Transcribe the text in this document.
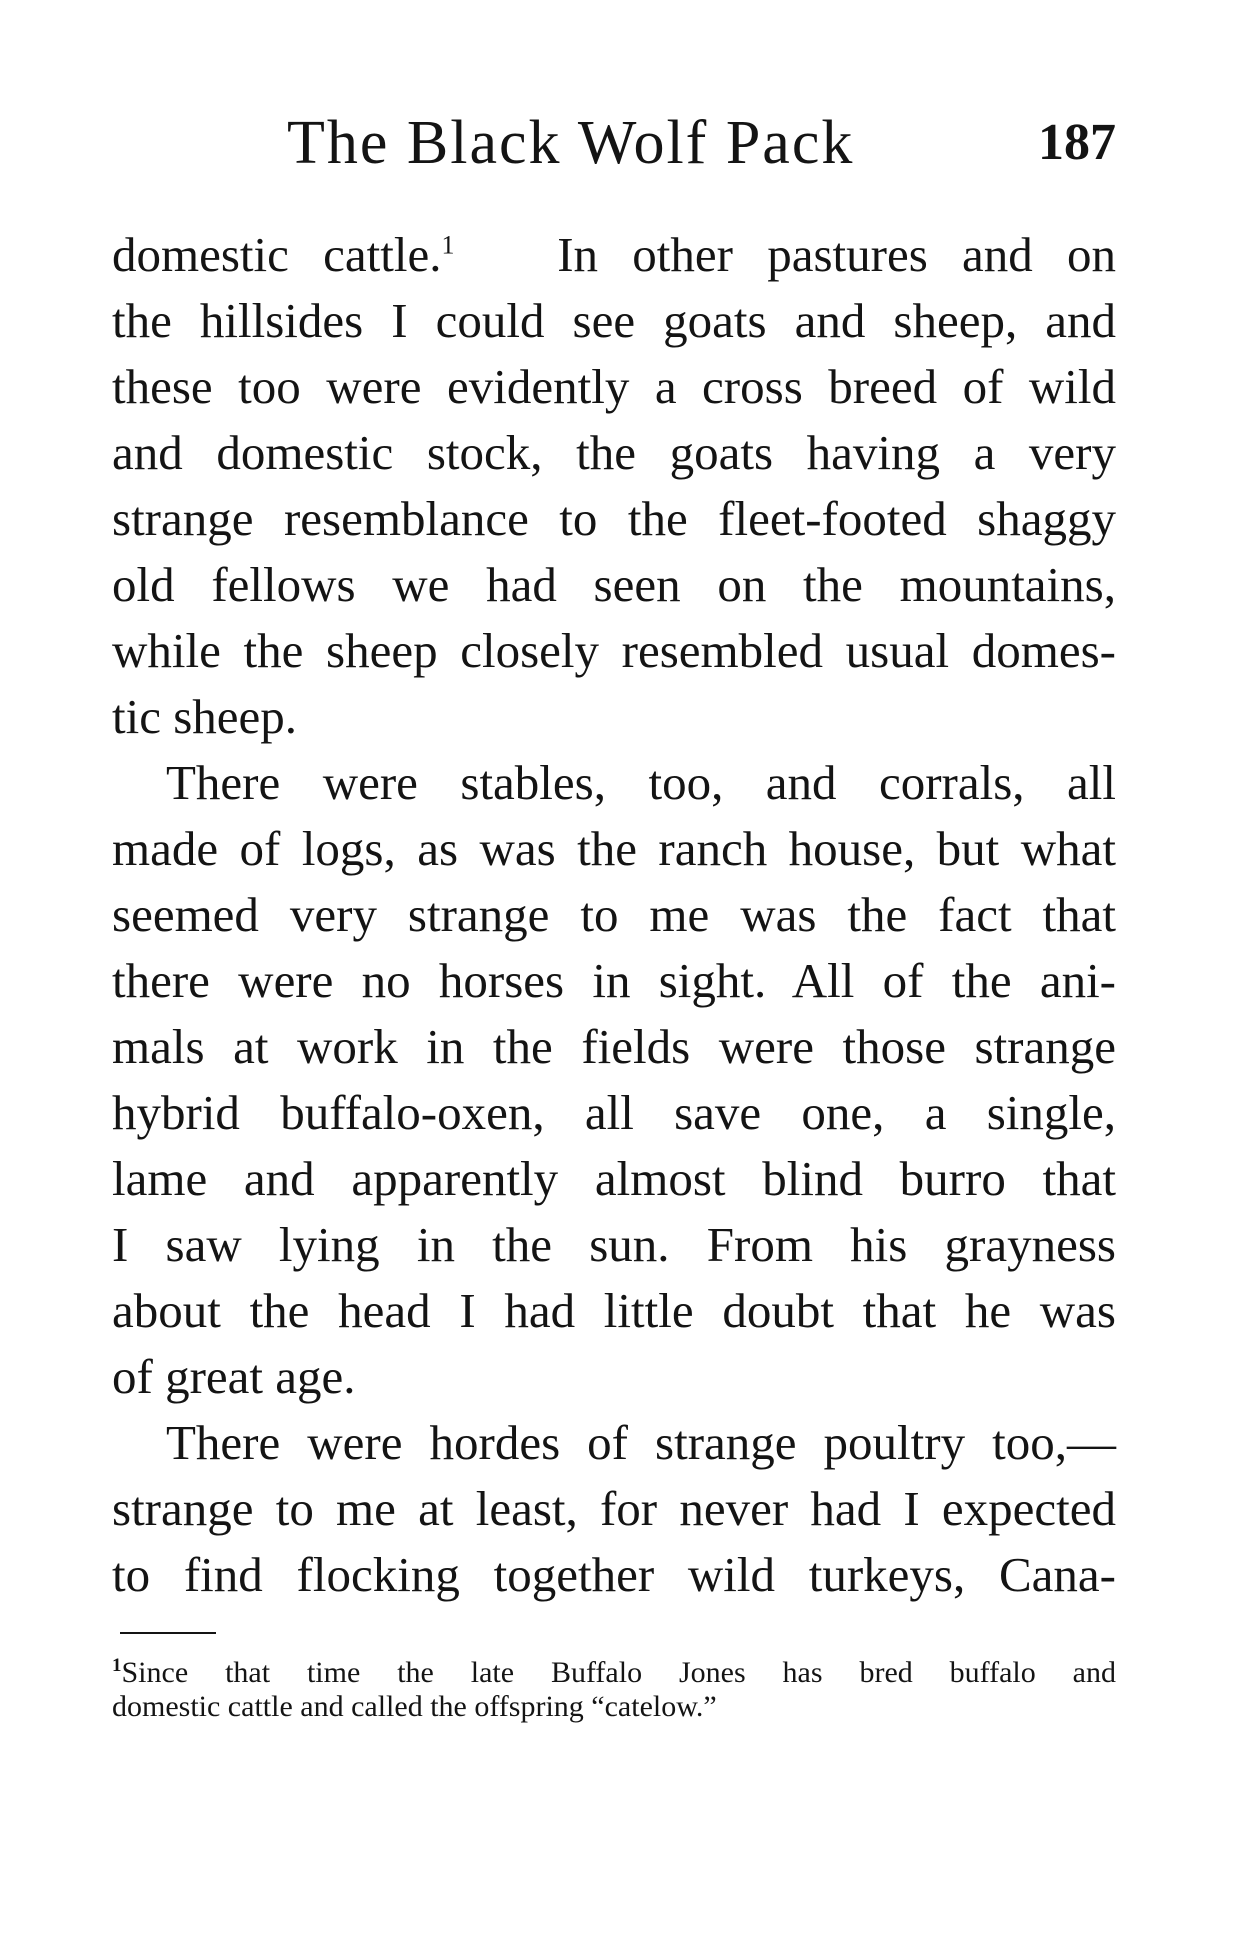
The Black Wolf Pack	187

domestic cattle.$^1$ In other pastures and on
the hillsides I could see goats and sheep, and
these too were evidently a cross breed of wild
and domestic stock, the goats having a very
strange resemblance to the fleet-footed shaggy
old fellows we had seen on the mountains,
while the sheep closely resembled usual domes-
tic sheep.

There were stables, too, and corrals, all
made of logs, as was the ranch house, but what
seemed very strange to me was the fact that
there were no horses in sight. All of the ani-
mals at work in the fields were those strange
hybrid buffalo-oxen, all save one, a single,
lame and apparently almost blind burro that
I saw lying in the sun. From his grayness
about the head I had little doubt that he was
of great age.

There were hordes of strange poultry too,—
strange to me at least, for never had I expected
to find flocking together wild turkeys, Cana-

$^1$Since that time the late Buffalo Jones has bred buffalo and
domestic cattle and called the offspring “catelow.”
